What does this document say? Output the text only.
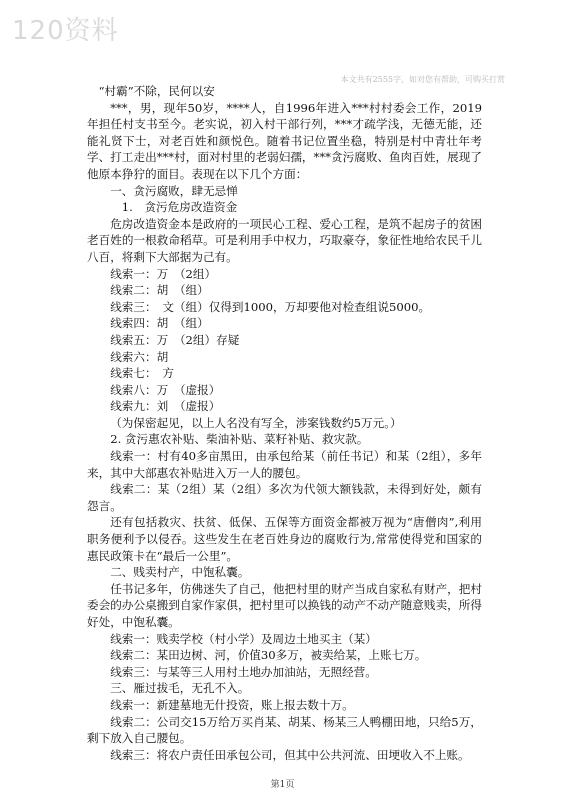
120资料
本文共有2555字，如对您有帮助，可购买打赏

“村霸”不除，民何以安

***，男，现年50岁，****人，自1996年进入***村村委会工作，2019年担任村支书至今。老实说，初入村干部行列，***才疏学浅，无德无能，还能礼贤下士，对老百姓和颜悦色。随着书记位置坐稳，特别是村中青壮年考学、打工走出***村，面对村里的老弱妇孺，***贪污腐败、鱼肉百姓，展现了他原本狰狞的面目。表现在以下几个方面：

一、贪污腐败，肆无忌惮

1.　贪污危房改造资金

危房改造资金本是政府的一项民心工程、爱心工程，是筑不起房子的贫困老百姓的一根救命稻草。可是利用手中权力，巧取豪夺，象征性地给农民千儿八百，将剩下大部据为己有。

线索一：万　（2组）

线索二：胡　（组）

线索三：　文（组）仅得到1000，万却要他对检查组说5000。

线索四：胡　（组）

线索五：万　（2组）存疑

线索六：胡

线索七：　方

线索八：万　（虚报）

线索九：刘　（虚报）

（为保密起见，以上人名没有写全，涉案钱数约5万元。）

2. 贪污惠农补贴、柴油补贴、菜籽补贴、救灾款。

线索一：村有40多亩黑田，由承包给某（前任书记）和某（2组），多年来，其中大部惠农补贴进入万一人的腰包。

线索二：某（2组）某（2组）多次为代领大额钱款，未得到好处，颇有怨言。

还有包括救灾、扶贫、低保、五保等方面资金都被万视为“唐僧肉”,利用职务便利予以侵吞。这些发生在老百姓身边的腐败行为,常常使得党和国家的惠民政策卡在“最后一公里”。

二、贱卖村产，中饱私囊。

任书记多年，仿佛迷失了自己，他把村里的财产当成自家私有财产，把村委会的办公桌搬到自家作家俱，把村里可以换钱的动产不动产随意贱卖，所得好处，中饱私囊。

线索一：贱卖学校（村小学）及周边土地买主（某）

线索二：某田边树、河，价值30多万，被卖给某，上账七万。

线索三：与某等三人用村土地办加油站，无照经营。

三、雁过拔毛，无孔不入。

线索一：新建墓地无什投资，账上报去数十万。

线索二：公司交15万给万买肖某、胡某、杨某三人鸭棚田地，只给5万，剩下放入自己腰包。

线索三：将农户责任田承包公司，但其中公共河流、田埂收入不上账。

第1页
